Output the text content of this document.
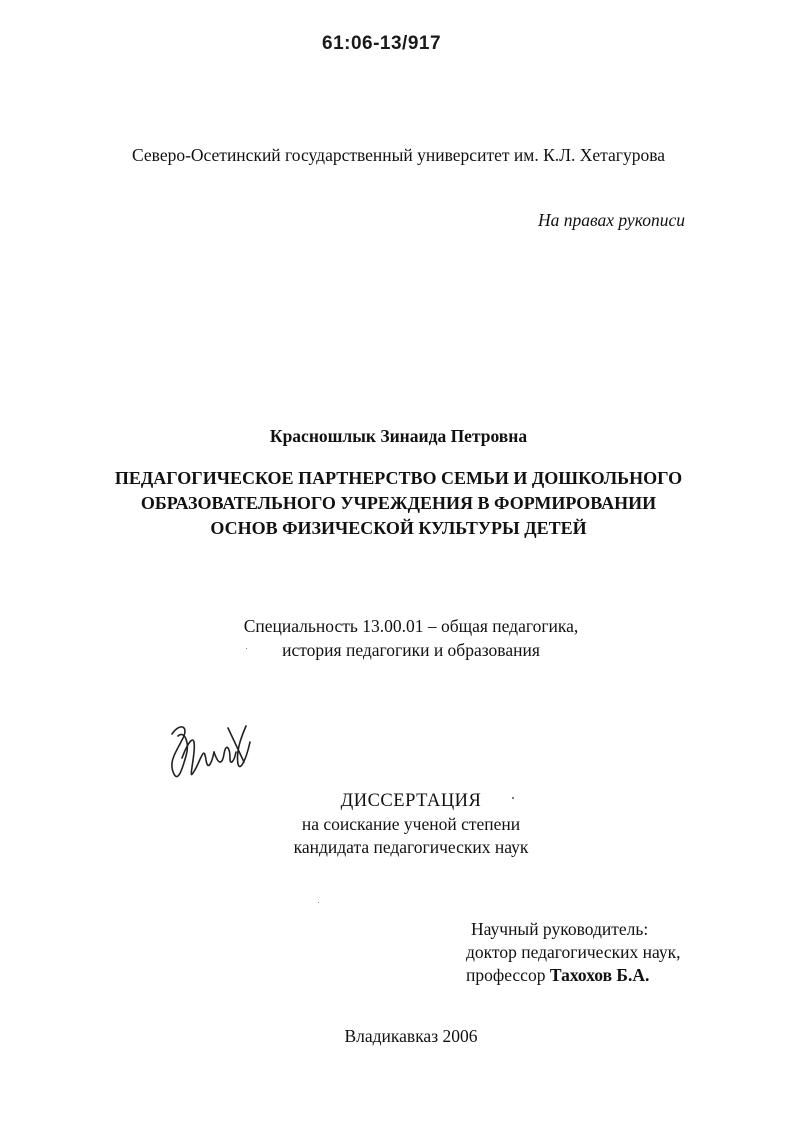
61:06-13/917
Северо-Осетинский государственный университет им. К.Л. Хетагурова
На правах рукописи
Красношлык Зинаида Петровна
ПЕДАГОГИЧЕСКОЕ ПАРТНЕРСТВО СЕМЬИ И ДОШКОЛЬНОГО
ОБРАЗОВАТЕЛЬНОГО УЧРЕЖДЕНИЯ В ФОРМИРОВАНИИ
ОСНОВ ФИЗИЧЕСКОЙ КУЛЬТУРЫ ДЕТЕЙ
Специальность 13.00.01 – общая педагогика,
история педагогики и образования
ДИССЕРТАЦИЯ
на соискание ученой степени
кандидата педагогических наук
Научный руководитель:
доктор педагогических наук,
профессор Тахохов Б.А.
Владикавказ 2006
